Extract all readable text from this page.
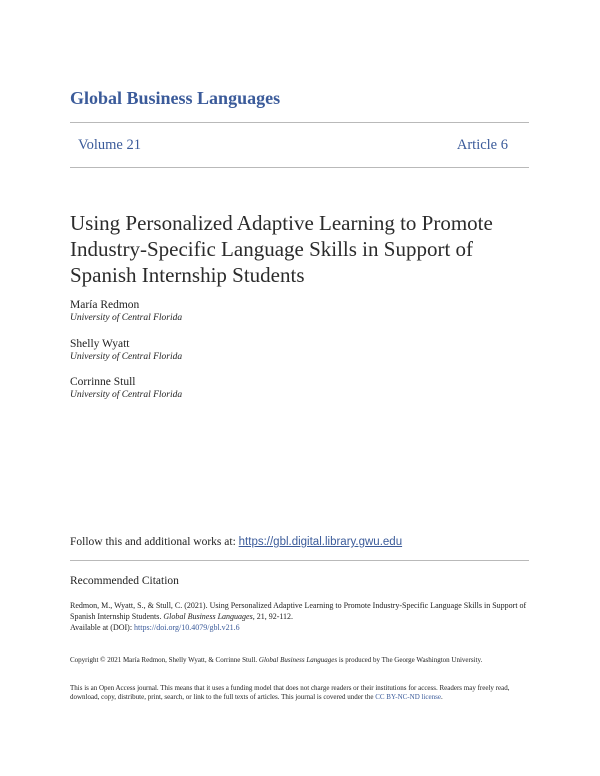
Global Business Languages
Volume 21	Article 6
Using Personalized Adaptive Learning to Promote Industry-Specific Language Skills in Support of Spanish Internship Students
María Redmon
University of Central Florida
Shelly Wyatt
University of Central Florida
Corrinne Stull
University of Central Florida
Follow this and additional works at: https://gbl.digital.library.gwu.edu
Recommended Citation
Redmon, M., Wyatt, S., & Stull, C. (2021). Using Personalized Adaptive Learning to Promote Industry-Specific Language Skills in Support of Spanish Internship Students. Global Business Languages, 21, 92-112.
Available at (DOI): https://doi.org/10.4079/gbl.v21.6
Copyright © 2021 María Redmon, Shelly Wyatt, & Corrinne Stull. Global Business Languages is produced by The George Washington University.
This is an Open Access journal. This means that it uses a funding model that does not charge readers or their institutions for access. Readers may freely read, download, copy, distribute, print, search, or link to the full texts of articles. This journal is covered under the CC BY-NC-ND license.
